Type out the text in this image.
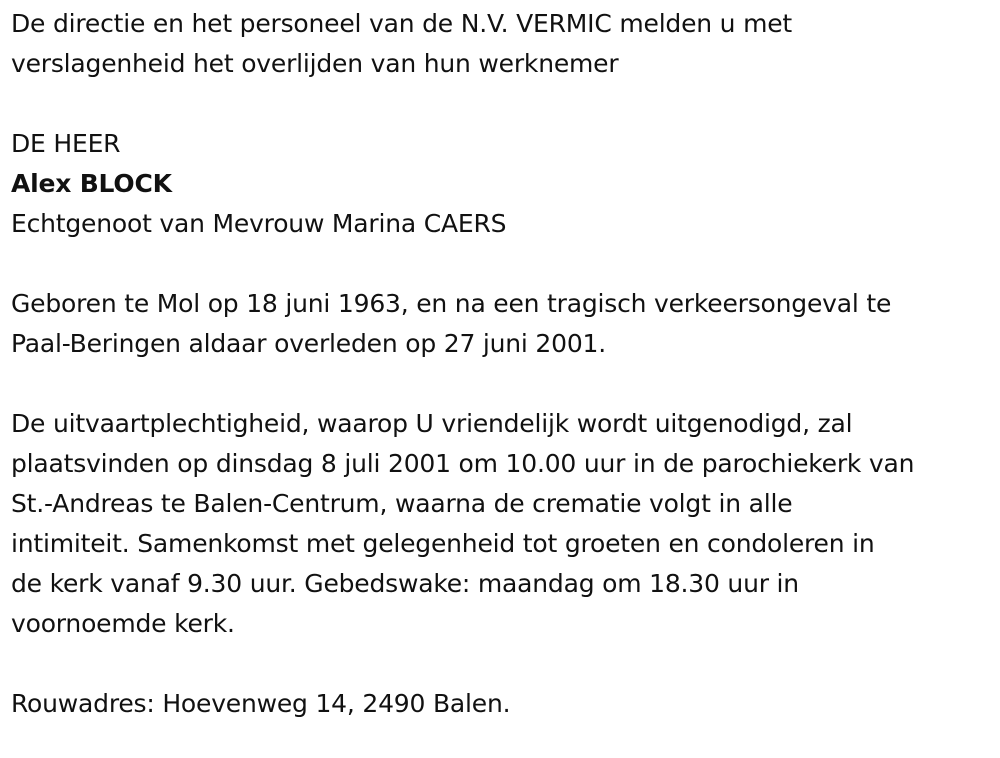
De directie en het personeel van de N.V. VERMIC melden u met
verslagenheid het overlijden van hun werknemer
DE HEER
Alex BLOCK
Echtgenoot van Mevrouw Marina CAERS
Geboren te Mol op 18 juni 1963, en na een tragisch verkeersongeval te
Paal-Beringen aldaar overleden op 27 juni 2001.
De uitvaartplechtigheid, waarop U vriendelijk wordt uitgenodigd, zal
plaatsvinden op dinsdag 8 juli 2001 om 10.00 uur in de parochiekerk van
St.-Andreas te Balen-Centrum, waarna de crematie volgt in alle
intimiteit. Samenkomst met gelegenheid tot groeten en condoleren in
de kerk vanaf 9.30 uur. Gebedswake: maandag om 18.30 uur in
voornoemde kerk.
Rouwadres: Hoevenweg 14, 2490 Balen.
